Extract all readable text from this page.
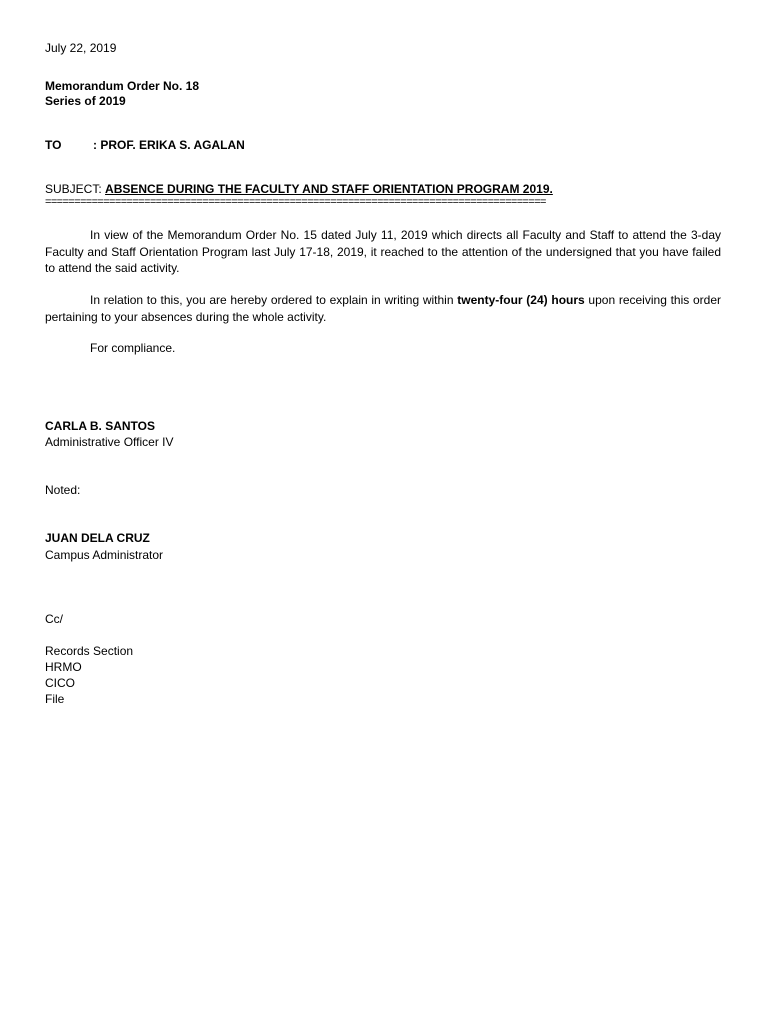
July 22, 2019
Memorandum Order No. 18
Series of 2019
TO	: PROF. ERIKA S. AGALAN
SUBJECT: ABSENCE DURING THE FACULTY AND STAFF ORIENTATION PROGRAM 2019.
======================================================================================
In view of the Memorandum Order No. 15 dated July 11, 2019 which directs all Faculty and Staff to attend the 3-day Faculty and Staff Orientation Program last July 17-18, 2019, it reached to the attention of the undersigned that you have failed to attend the said activity.
In relation to this, you are hereby ordered to explain in writing within twenty-four (24) hours upon receiving this order pertaining to your absences during the whole activity.
For compliance.
CARLA B. SANTOS
Administrative Officer IV
Noted:
JUAN DELA CRUZ
Campus Administrator
Cc/
Records Section
HRMO
CICO
File
